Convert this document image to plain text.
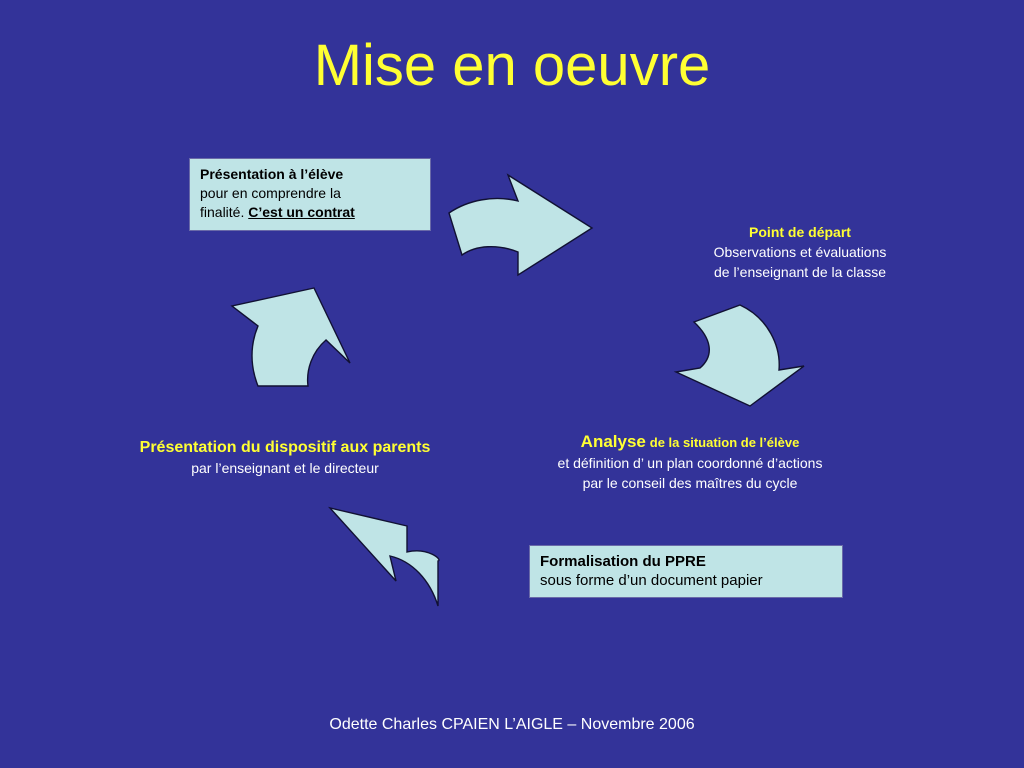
Mise en oeuvre
Présentation à l’élève
pour en comprendre la
finalité. C’est un contrat
Point de départ
Observations et évaluations
de l’enseignant de la classe
Analyse de la situation de l’élève
et définition d’ un plan coordonné d’actions
par le conseil des maîtres du cycle
Formalisation du PPRE
sous forme d’un document papier
Présentation du dispositif aux parents
par l’enseignant et le directeur
Odette Charles CPAIEN L’AIGLE – Novembre 2006
